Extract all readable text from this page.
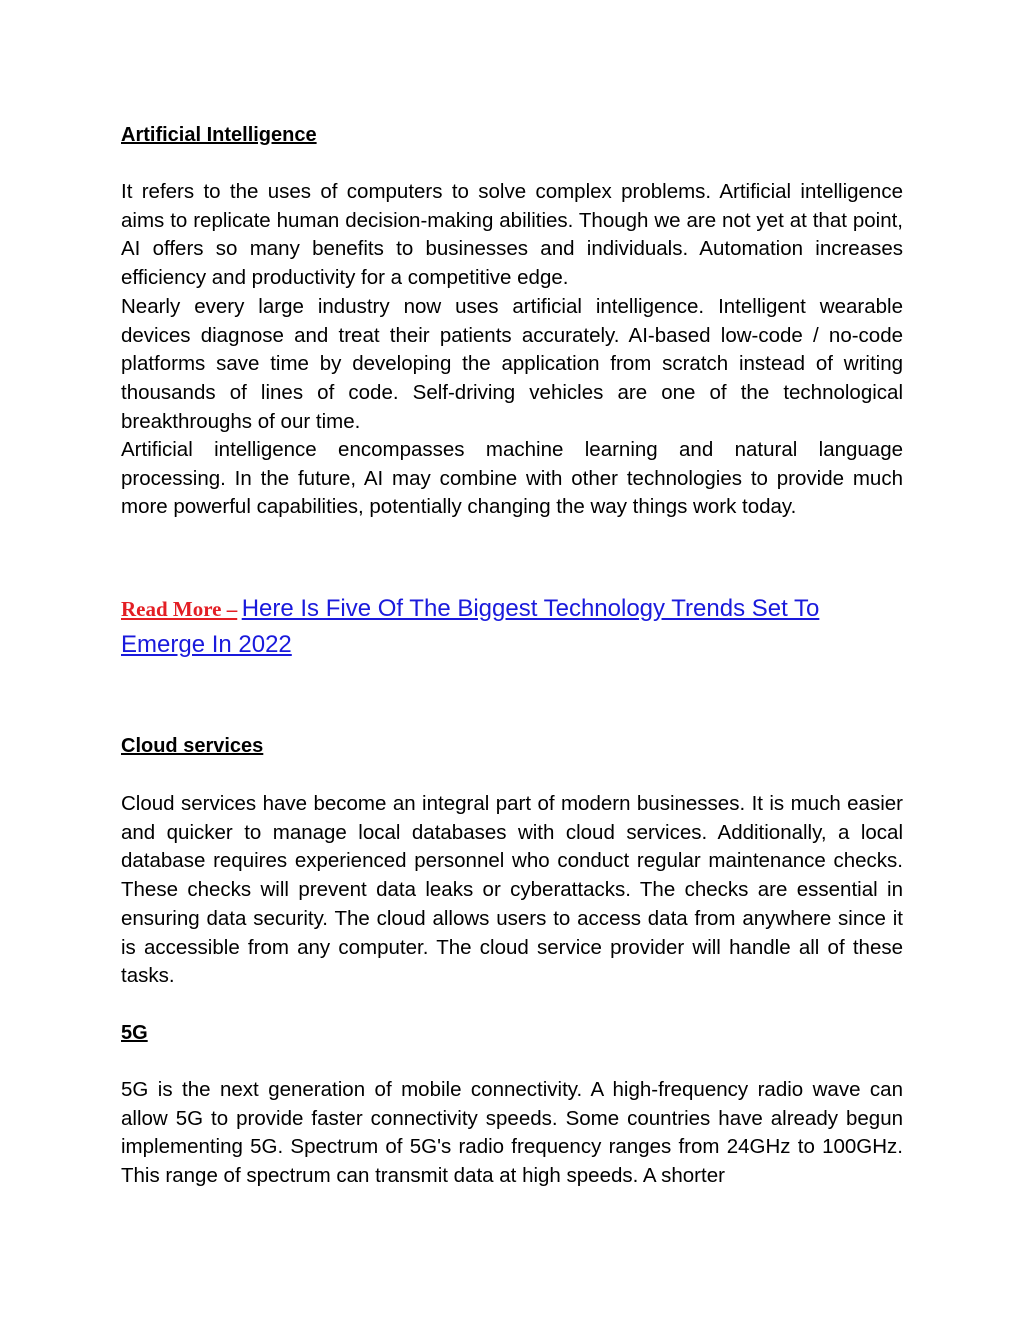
Artificial Intelligence

It refers to the uses of computers to solve complex problems. Artificial intelligence aims to replicate human decision-making abilities. Though we are not yet at that point, AI offers so many benefits to businesses and individuals. Automation increases efficiency and productivity for a competitive edge.

Nearly every large industry now uses artificial intelligence. Intelligent wearable devices diagnose and treat their patients accurately. AI-based low-code / no-code platforms save time by developing the application from scratch instead of writing thousands of lines of code. Self-driving vehicles are one of the technological breakthroughs of our time.

Artificial intelligence encompasses machine learning and natural language processing. In the future, AI may combine with other technologies to provide much more powerful capabilities, potentially changing the way things work today.

Read More – Here Is Five Of The Biggest Technology Trends Set To Emerge In 2022

Cloud services

Cloud services have become an integral part of modern businesses. It is much easier and quicker to manage local databases with cloud services. Additionally, a local database requires experienced personnel who conduct regular maintenance checks. These checks will prevent data leaks or cyberattacks. The checks are essential in ensuring data security. The cloud allows users to access data from anywhere since it is accessible from any computer. The cloud service provider will handle all of these tasks.

5G

5G is the next generation of mobile connectivity. A high-frequency radio wave can allow 5G to provide faster connectivity speeds. Some countries have already begun implementing 5G. Spectrum of 5G's radio frequency ranges from 24GHz to 100GHz. This range of spectrum can transmit data at high speeds. A shorter
